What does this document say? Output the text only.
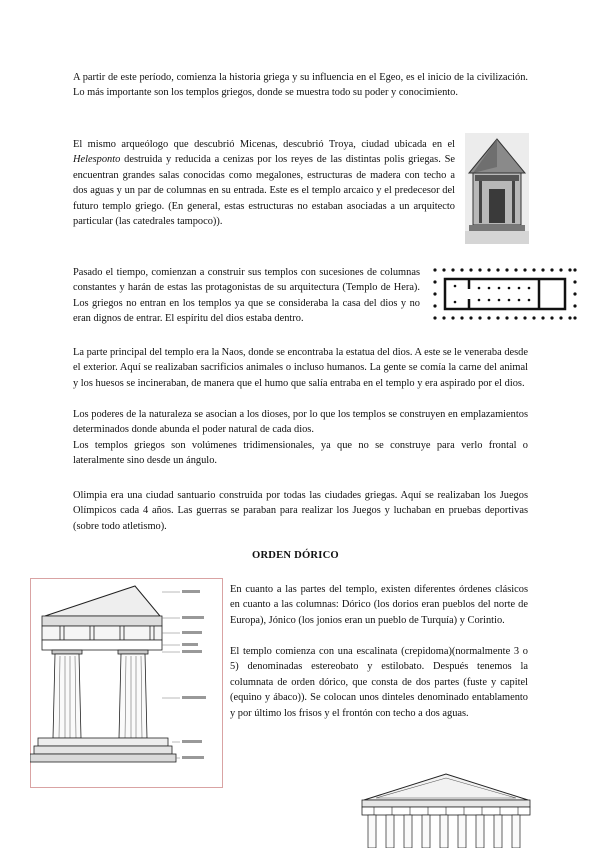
A partir de este período, comienza la historia griega y su influencia en el Egeo, es el inicio de la civilización. Lo más importante son los templos griegos, donde se muestra todo su poder y conocimiento.

El mismo arqueólogo que descubrió Micenas, descubrió Troya, ciudad ubicada en el Helesponto destruida y reducida a cenizas por los reyes de las distintas polis griegas. Se encuentran grandes salas conocidas como megalones, estructuras de madera con techo a dos aguas y un par de columnas en su entrada. Este es el templo arcaico y el predecesor del futuro templo griego. (En general, estas estructuras no estaban asociadas a un arquitecto particular (las catedrales tampoco)).

Pasado el tiempo, comienzan a construir sus templos con sucesiones de columnas constantes y harán de estas las protagonistas de su arquitectura (Templo de Hera). Los griegos no entran en los templos ya que se consideraba la casa del dios y no eran dignos de entrar. El espíritu del dios estaba dentro.

La parte principal del templo era la Naos, donde se encontraba la estatua del dios. A este se le veneraba desde el exterior. Aquí se realizaban sacrificios animales o incluso humanos. La gente se comía la carne del animal y los huesos se incineraban, de manera que el humo que salía entraba en el templo y era aspirado por el dios.

Los poderes de la naturaleza se asocian a los dioses, por lo que los templos se construyen en emplazamientos determinados donde abunda el poder natural de cada dios.

Los templos griegos son volúmenes tridimensionales, ya que no se construye para verlo frontal o lateralmente sino desde un ángulo.

Olimpia era una ciudad santuario construida por todas las ciudades griegas. Aquí se realizaban los Juegos Olímpicos cada 4 años. Las guerras se paraban para realizar los Juegos y luchaban en pruebas deportivas (sobre todo atletismo).

ORDEN DÓRICO

En cuanto a las partes del templo, existen diferentes órdenes clásicos en cuanto a las columnas: Dórico (los dorios eran pueblos del norte de Europa), Jónico (los jonios eran un pueblo de Turquía) y Corintio.

El templo comienza con una escalinata (crepidoma)(normalmente 3 o 5) denominadas estereobato y estilobato. Después tenemos la columnata de orden dórico, que consta de dos partes (fuste y capitel (equino y ábaco)). Se colocan unos dinteles denominado entablamento y por último los frisos y el frontón con techo a dos aguas.
